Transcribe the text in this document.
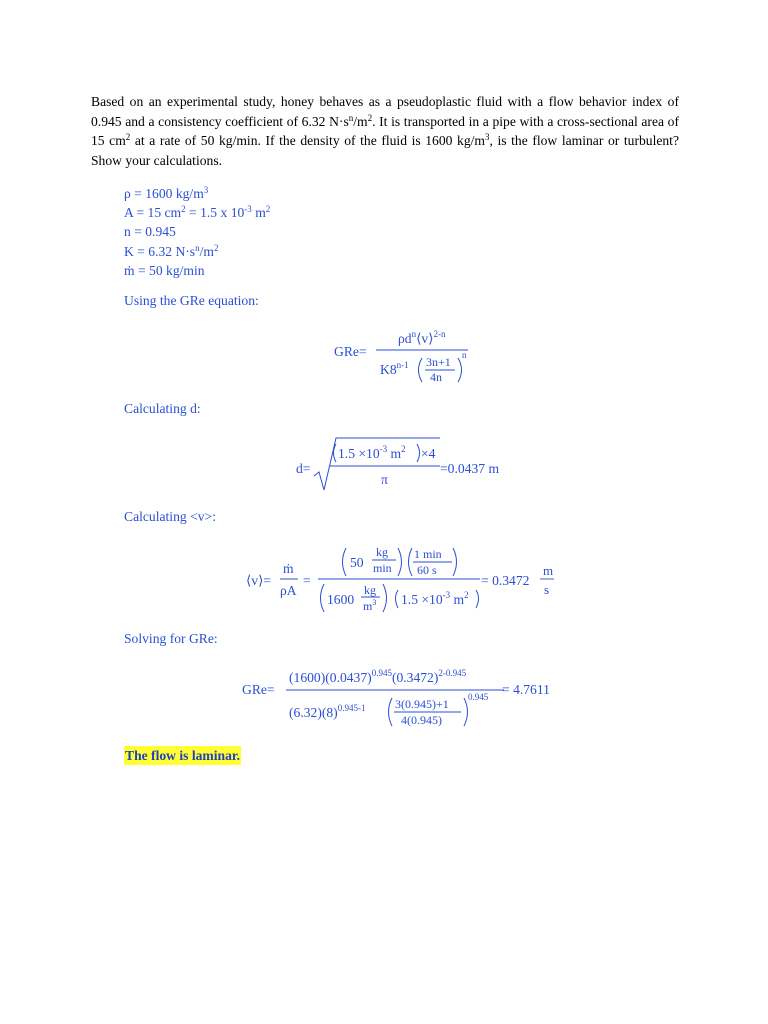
Based on an experimental study, honey behaves as a pseudoplastic fluid with a flow behavior index of 0.945 and a consistency coefficient of 6.32 $N\cdot s^n/m^2$. It is transported in a pipe with a cross-sectional area of 15 $cm^2$ at a rate of 50 kg/min. If the density of the fluid is 1600 $kg/m^3$, is the flow laminar or turbulent? Show your calculations.
ρ = 1600 $kg/m^3$
A = 15 $cm^2 = 1.5$ x $10^{-3}$ $m^2$
n = 0.945
K = 6.32 $N\cdot s^n/m^2$
ṁ = 50 kg/min
Using the GRe equation:
Calculating d:
Calculating <v>:
Solving for GRe:
GRe=
$\rho d^n⟨v⟩^{2-n}$
K8$^{n-1}$ 3n+1
4n
n
d=
$1.5 \times 10^{-3}$ $m^2 \times 4$
π
=0.0437 m
⟨v⟩=
ṁ
ρA
=
50
kg
min
1 min
60 s
1600
kg
$m^3$ $1.5 \times 10^{-3}$ $m^2$
= 0.3472
m
s
GRe=
$(1600)(0.0437)^{0.945}(0.3472)^{2-0.945}$
$(6.32)(8)^{0.945-1}$ 3(0.945)+1
4(0.945)
0.945 = 4.7611
The flow is laminar.
